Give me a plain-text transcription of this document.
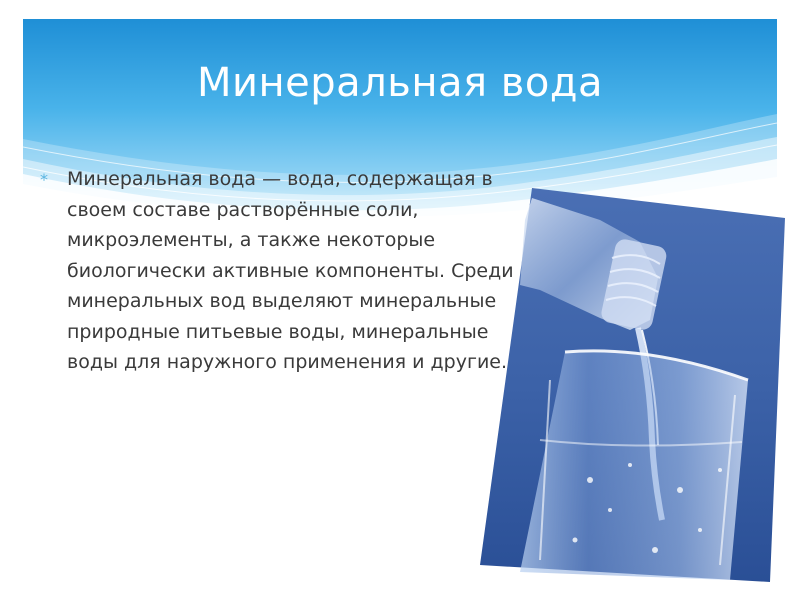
Минеральная вода
* Минеральная вода — вода, содержащая в своем составе растворённые соли, микроэлементы, а также некоторые биологически активные компоненты. Среди минеральных вод выделяют минеральные природные питьевые воды, минеральные воды для наружного применения и другие.
